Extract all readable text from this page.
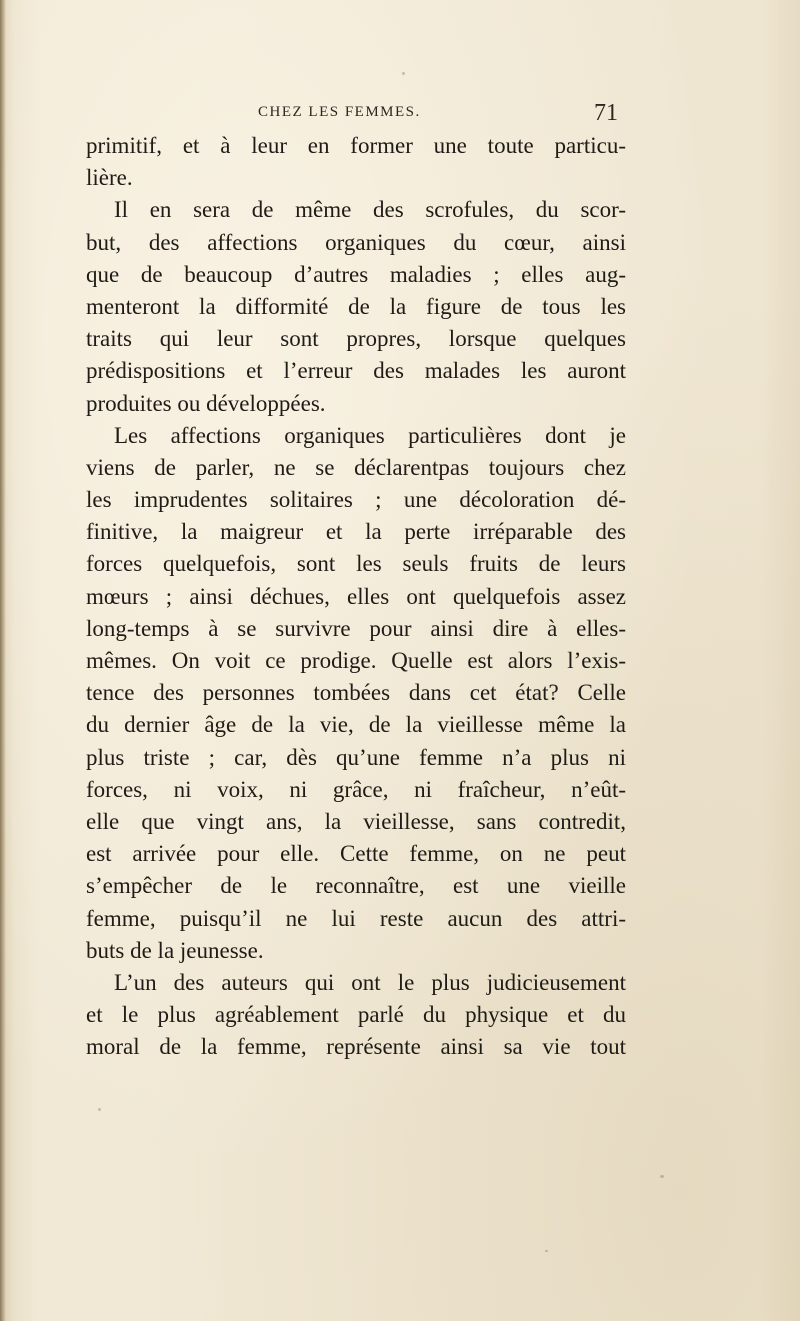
CHEZ LES FEMMES.	71
primitif, et à leur en former une toute particu-
lière.
Il en sera de même des scrofules, du scor-
but, des affections organiques du cœur, ainsi
que de beaucoup d’autres maladies ; elles aug-
menteront la difformité de la figure de tous les
traits qui leur sont propres, lorsque quelques
prédispositions et l’erreur des malades les auront
produites ou développées.
Les affections organiques particulières dont je
viens de parler, ne se déclarentpas toujours chez
les imprudentes solitaires ; une décoloration dé-
finitive, la maigreur et la perte irréparable des
forces quelquefois, sont les seuls fruits de leurs
mœurs ; ainsi déchues, elles ont quelquefois assez
long-temps à se survivre pour ainsi dire à elles-
mêmes. On voit ce prodige. Quelle est alors l’exis-
tence des personnes tombées dans cet état? Celle
du dernier âge de la vie, de la vieillesse même la
plus triste ; car, dès qu’une femme n’a plus ni
forces, ni voix, ni grâce, ni fraîcheur, n’eût-
elle que vingt ans, la vieillesse, sans contredit,
est arrivée pour elle. Cette femme, on ne peut
s’empêcher de le reconnaître, est une vieille
femme, puisqu’il ne lui reste aucun des attri-
buts de la jeunesse.
L’un des auteurs qui ont le plus judicieusement
et le plus agréablement parlé du physique et du
moral de la femme, représente ainsi sa vie tout
